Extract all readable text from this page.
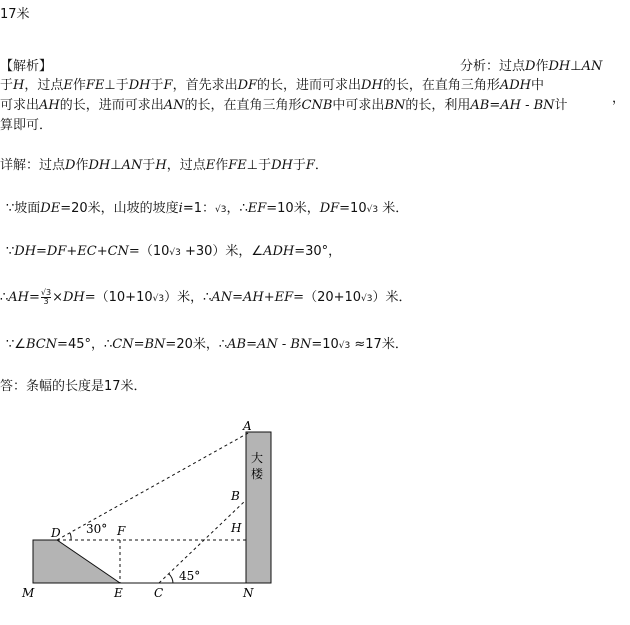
17米
【解析】	分析：过点D作DH⊥AN
于H，过点E作FE⊥于DH于F，首先求出DF的长，进而可求出DH的长，在直角三角形ADH中
，
可求出AH的长，进而可求出AN的长，在直角三角形CNB中可求出BN的长，利用AB=AH - BN计
算即可．
详解：过点D作DH⊥AN于H，过点E作FE⊥于DH于F．
∵坡面DE=20米，山坡的坡度i=1：√3，∴EF=10米，DF=10√3 米．
∵DH=DF+EC+CN=（10√3 +30）米，∠ADH=30°，
∴AH= $\frac{√3}{3} \times DH=(10+10√3)$米，∴AN=AH+EF=（20+10√3）米．
∵∠BCN=45°，∴CN=BN=20米，∴AB=AN - BN=10√3 ≈17米．
答：条幅的长度是17米．
A
B
H
D	F
M	E	C	N
30°
45°
大
楼
